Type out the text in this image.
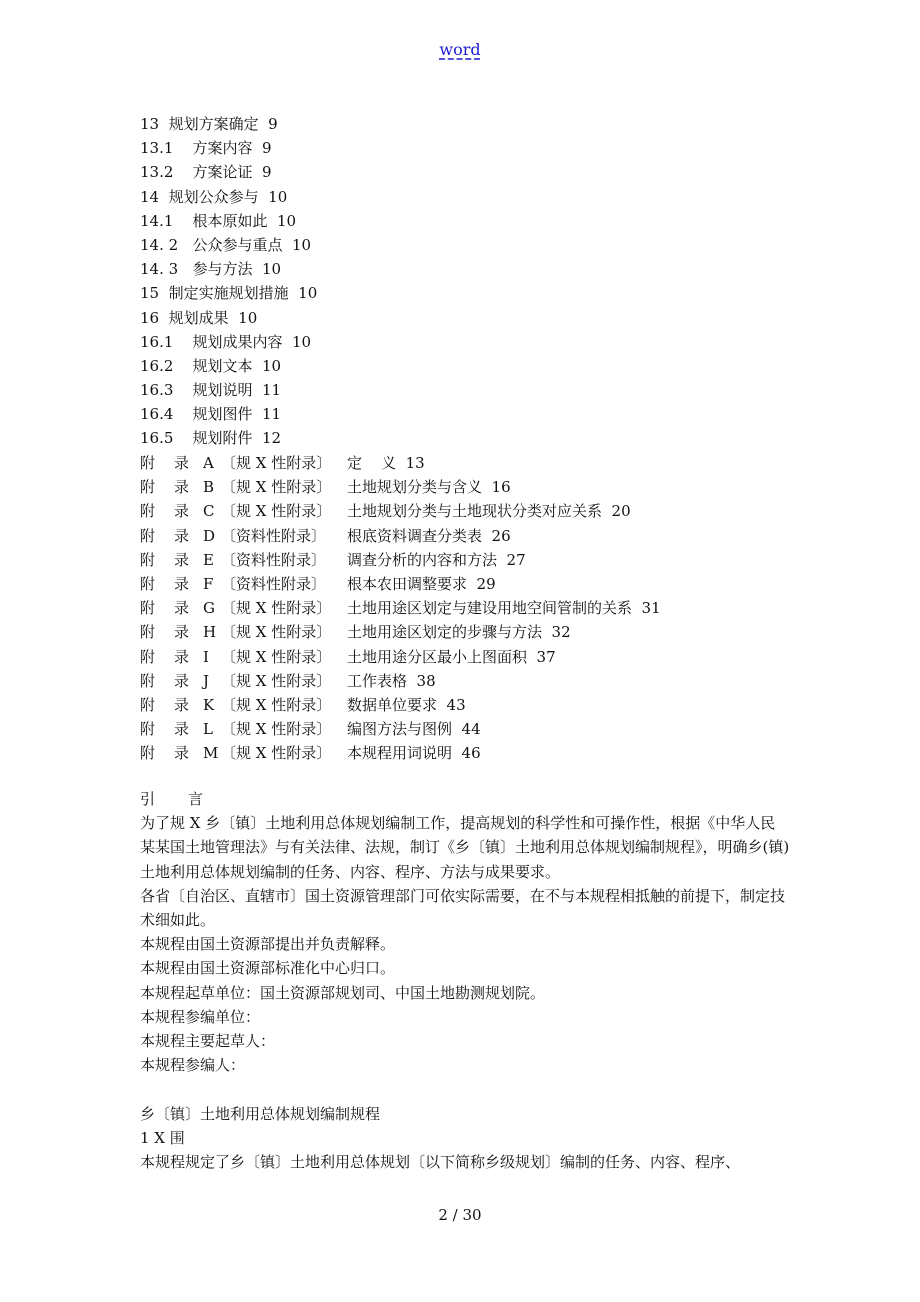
word
13  规划方案确定  9
13.1    方案内容  9
13.2    方案论证  9
14  规划公众参与  10
14.1    根本原如此  10
14. 2   公众参与重点  10
14. 3   参与方法  10
15  制定实施规划措施  10
16  规划成果  10
16.1    规划成果内容  10
16.2    规划文本  10
16.3    规划说明  11
16.4    规划图件  11
16.5    规划附件  12
附	录 A 〔规 X 性附录〕	定    义  13
附	录 B 〔规 X 性附录〕	土地规划分类与含义  16
附	录 C 〔规 X 性附录〕	土地规划分类与土地现状分类对应关系  20
附	录 D 〔资料性附录〕	根底资料调查分类表  26
附	录 E 〔资料性附录〕	调查分析的内容和方法  27
附	录 F 〔资料性附录〕	根本农田调整要求  29
附	录 G 〔规 X 性附录〕	土地用途区划定与建设用地空间管制的关系  31
附	录 H 〔规 X 性附录〕	土地用途区划定的步骤与方法  32
附	录 I 〔规 X 性附录〕	土地用途分区最小上图面积  37
附	录 J 〔规 X 性附录〕	工作表格  38
附	录 K 〔规 X 性附录〕	数据单位要求  43
附	录 L 〔规 X 性附录〕	编图方法与图例  44
附	录 M 〔规 X 性附录〕	本规程用词说明  46

引 言

为了规 X 乡〔镇〕土地利用总体规划编制工作，提高规划的科学性和可操作性，根据《中华人民某某国土地管理法》与有关法律、法规，制订《乡〔镇〕土地利用总体规划编制规程》，明确乡(镇)土地利用总体规划编制的任务、内容、程序、方法与成果要求。

各省〔自治区、直辖市〕国土资源管理部门可依实际需要，在不与本规程相抵触的前提下，制定技术细如此。

本规程由国土资源部提出并负责解释。

本规程由国土资源部标准化中心归口。

本规程起草单位：国土资源部规划司、中国土地勘测规划院。

本规程参编单位：

本规程主要起草人：

本规程参编人：

乡〔镇〕土地利用总体规划编制规程

1 X 围

本规程规定了乡〔镇〕土地利用总体规划〔以下简称乡级规划〕编制的任务、内容、程序、

2 / 30
